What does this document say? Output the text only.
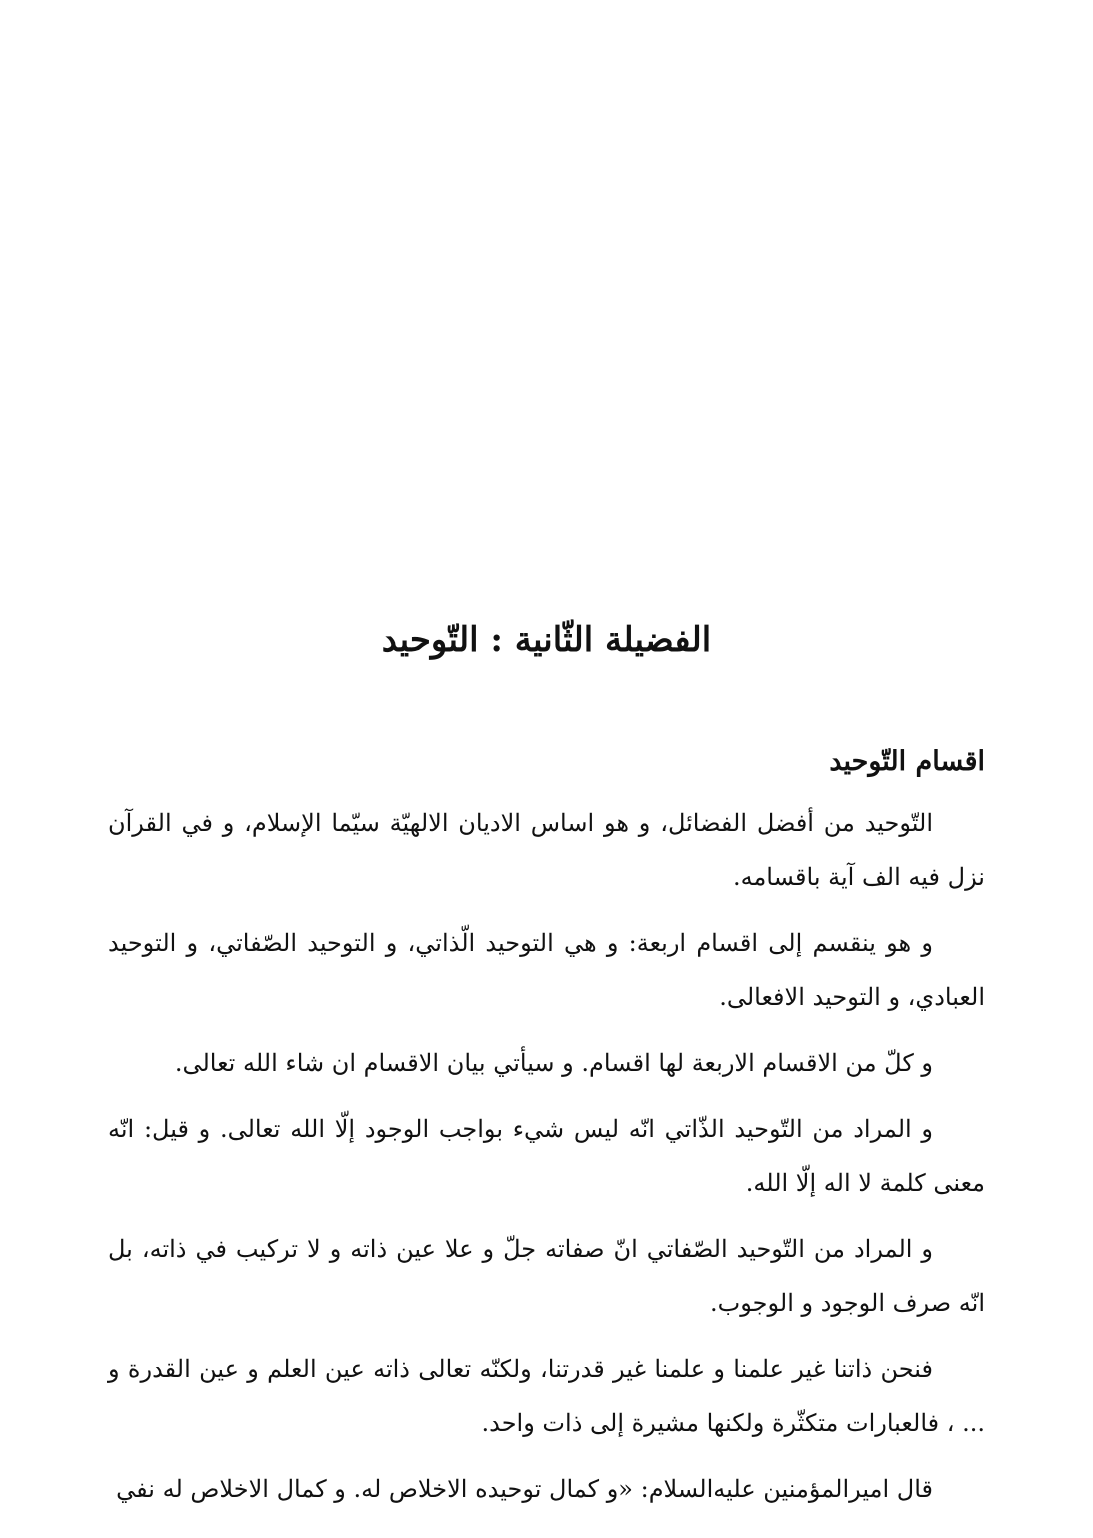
الفضيلة الثّانية : التّوحيد
اقسام التّوحيد

التّوحيد من أفضل الفضائل، و هو اساس الاديان الالهيّة سيّما الإسلام، و في القرآن نزل فيه الف آية باقسامه.

و هو ينقسم إلى اقسام اربعة: و هي التوحيد الّذاتي، و التوحيد الصّفاتي، و التوحيد العبادي، و التوحيد الافعالى.

و كلّ من الاقسام الاربعة لها اقسام. و سيأتي بيان الاقسام ان شاء الله تعالى.

و المراد من التّوحيد الذّاتي انّه ليس شيء بواجب الوجود إلّا الله تعالى. و قيل: انّه معنى كلمة لا اله إلّا الله.

و المراد من التّوحيد الصّفاتي انّ صفاته جلّ و علا عين ذاته و لا تركيب في ذاته، بل انّه صرف الوجود و الوجوب.

فنحن ذاتنا غير علمنا و علمنا غير قدرتنا، ولكنّه تعالى ذاته عين العلم و عين القدرة و ... ، فالعبارات متكثّرة ولكنها مشيرة إلى ذات واحد.

قال اميرالمؤمنين عليه‌السلام: «و كمال توحيده الاخلاص له. و كمال الاخلاص له نفي
